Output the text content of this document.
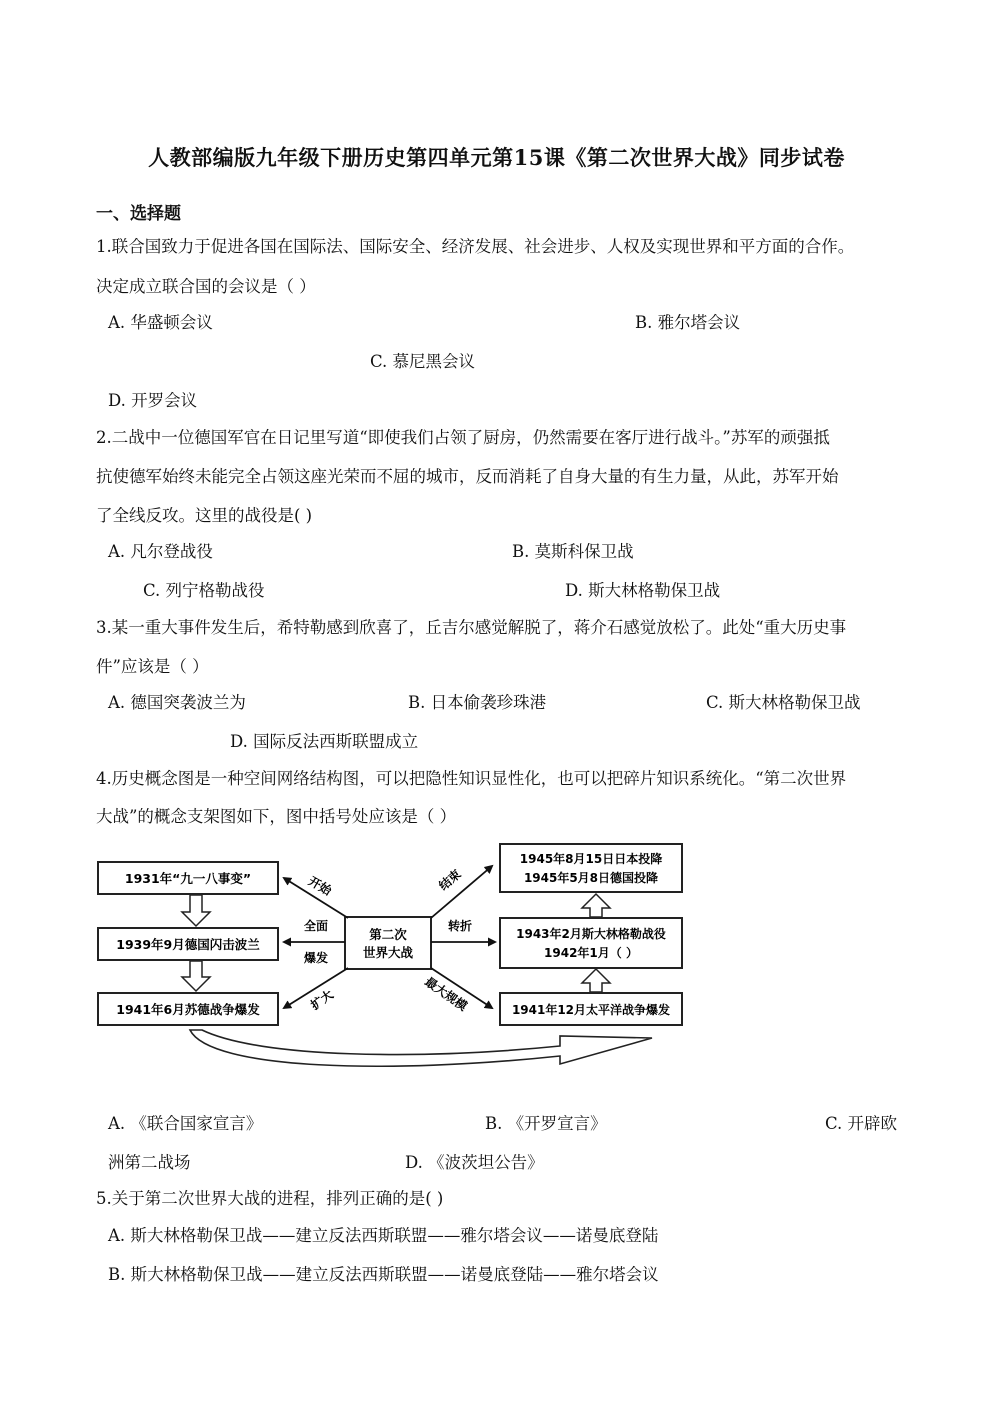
人教部编版九年级下册历史第四单元第15课《第二次世界大战》同步试卷
一、选择题
1.联合国致力于促进各国在国际法、国际安全、经济发展、社会进步、人权及实现世界和平方面的合作。
决定成立联合国的会议是（ ）
A. 华盛顿会议	B. 雅尔塔会议
C. 慕尼黑会议
D. 开罗会议
2.二战中一位德国军官在日记里写道“即使我们占领了厨房，仍然需要在客厅进行战斗。”苏军的顽强抵
抗使德军始终未能完全占领这座光荣而不屈的城市，反而消耗了自身大量的有生力量，从此，苏军开始
了全线反攻。这里的战役是( )
A. 凡尔登战役	B. 莫斯科保卫战
C. 列宁格勒战役	D. 斯大林格勒保卫战
3.某一重大事件发生后，希特勒感到欣喜了，丘吉尔感觉解脱了，蒋介石感觉放松了。此处“重大历史事
件”应该是（ ）
A. 德国突袭波兰为	B. 日本偷袭珍珠港	C. 斯大林格勒保卫战
D. 国际反法西斯联盟成立
4.历史概念图是一种空间网络结构图，可以把隐性知识显性化，也可以把碎片知识系统化。“第二次世界
大战”的概念支架图如下，图中括号处应该是（ ）
1931年“九一八事变”
1939年9月德国闪击波兰
1941年6月苏德战争爆发
第二次
世界大战
开始
全面
爆发
扩大
结束
转折
最大规模
1945年8月15日日本投降
1945年5月8日德国投降
1943年2月斯大林格勒战役
1942年1月（ ）
1941年12月太平洋战争爆发
A. 《联合国家宣言》	B. 《开罗宣言》	C. 开辟欧
洲第二战场	D. 《波茨坦公告》
5.关于第二次世界大战的进程，排列正确的是( )
A. 斯大林格勒保卫战——建立反法西斯联盟——雅尔塔会议——诺曼底登陆
B. 斯大林格勒保卫战——建立反法西斯联盟——诺曼底登陆——雅尔塔会议
